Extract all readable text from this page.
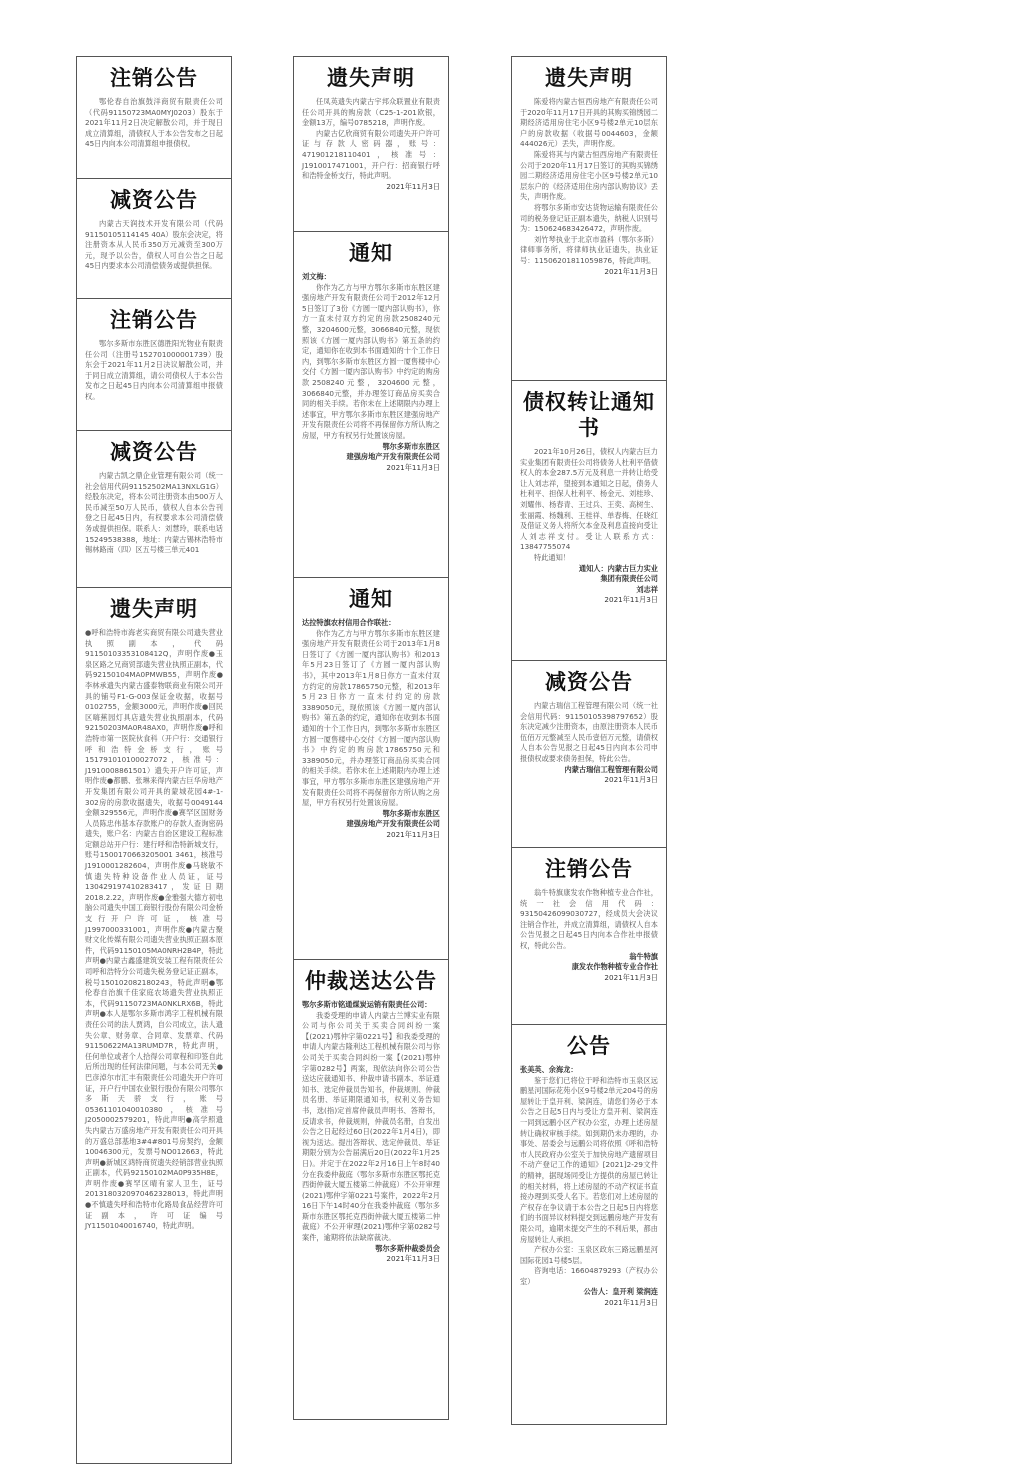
注销公告
鄂伦春自治旗鼓洋商贸有限责任公司（代码91150723MA0MYJ0203）股东于2021年11月2日决定解散公司，并于现日成立清算组，清债权人于本公告发布之日起45日内向本公司清算组申报债权。
减资公告
内蒙古天润技术开发有限公司（代码91150105114145 40A）股东会决定，将注册资本从人民币350万元减资至300万元，现予以公告，债权人可自公告之日起45日内要求本公司清偿债务或提供担保。
注销公告
鄂尔多斯市东胜区德胜阳光物业有限责任公司（注册号152701000001739）股东会于2021年11月2日决议解散公司，并于同日成立清算组，请公司债权人于本公告发布之日起45日内向本公司清算组申报债权。
减资公告
内蒙古凯之鼎企业管理有限公司（统一社会信用代码91152502MA13NXLG1G）经股东决定，将本公司注册资本由500万人民币减至50万人民币，债权人自本公告刊登之日起45日内，有权要求本公司清偿债务或提供担保。联系人：刘慧玲，联系电话15249538388，地址：内蒙古锡林浩特市锡林路南（四）区五号楼三单元401
遗失声明
●呼和浩特市海老实商贸有限公司遗失营业执照副本，代码91150103353108412Q，声明作废●玉泉区路之兄商贸部遗失营业执照正副本，代码92150104MA0PMWB55，声明作废●李林承遗失内蒙古盛泰物联商业有限公司开具的铺号F1-G-003保证金收据，收据号0102755，金额3000元，声明作废●回民区嗨蕉园灯具店遗失营业执照副本，代码92150203MA0R48AX0，声明作废●呼和浩特市第一医院伙食科（开户行：交通银行呼和浩特金桥支行，账号151791010100027072，核准号：J1910008861501）遗失开户许可证，声明作废●都鹏、张琳来得内蒙古巨华房地产开发集团有限公司开具的蒙城花园4#-1-302房的房款收据遗失，收据号0049144金额329556元，声明作废●赛罕区国财务人员陈忠伟基本存款账户的存款人查询密码遗失，账户名：内蒙古自治区建设工程标准定额总站开户行：建行呼和浩特新城支行，账号1500170663205001 3461，核准号J1910001282604，声明作废●马晓敏不慎遗失特种设备作业人员证，证号130429197410283417，发证日期2018.2.22，声明作废●金雅强大德方初电脑公司遗失中国工商银行股份有限公司金桥支行开户许可证，核准号J1997000331001，声明作废●内蒙古聚财文化传媒有限公司遗失营业执照正副本原件，代码91150105MA0NRH2B4P，特此声明●内蒙古鑫盛建筑安装工程有限责任公司呼和浩特分公司遗失税务登记证正副本，税号150102082180243，特此声明●鄂伦春自治旗千佳家庭农场遗失营业执照正本，代码91150723MA0NKLRX6B，特此声明●本人是鄂尔多斯市鸿字工程机械有限责任公司的法人贾鸿，自公司成立，法人遗失公章、财务章、合同章、发票章、代码91150622MA13RUMD7R，特此声明，任何单位或者个人拾得公司章程和印签自此后所出现的任何法律问题，与本公司无关●巴彦淖尔市汇丰有限责任公司遗失开户许可证，开户行中国农业银行股份有限公司鄂尔多斯天骄支行，账号05361101040010380，核准号J2050002579201，特此声明●高学照遗失内蒙古万盛房地产开发有限责任公司开具的万盛总部基地3#4#801号房契约，金额10046300元，发票号NO012663，特此声明●新城区鸿特商贸遗失经销部营业执照正副本，代码92150102MA0P935H8E，声明作废●赛罕区晴有家人卫生，证号2013180320970462328013，特此声明●不慎遗失呼和浩特市化路局食品经营许可证副本，许可证编号JY11501040016740，特此声明。
遗失声明

任凤英遗失内蒙古宇邦众联置业有限责任公司开具的购房款（C25-1-201欧银，金额13万，编号0785218，声明作废。

内蒙古亿欣商贸有限公司遗失开户许可证与存款人密码器，账号：471901218110401，核准号：J1910017471001，开户行：招商银行呼和浩特金桥支行，特此声明。

2021年11月3日
通知
刘文梅：
你作为乙方与甲方鄂尔多斯市东胜区建强房地产开发有限责任公司于2012年12月5日签订了3份《方圆一厦内部认购书》，你方一直未付双方约定的房款2508240元整，3204600元整，3066840元整，现依照该《方圆一厦内部认购书》第五条的约定，通知你在收到本书面通知的十个工作日内，到鄂尔多斯市东胜区方圆一厦售楼中心交付《方圆一厦内部认购书》中约定的购房款2508240元整，3204600元整，3066840元整，并办理签订商品房买卖合同的相关手续。若你未在上述期限内办理上述事宜，甲方鄂尔多斯市东胜区建强房地产开发有限责任公司将不再保留你方所认购之房屋，甲方有权另行处置该房屋。
鄂尔多斯市东胜区
建强房地产开发有限责任公司
2021年11月3日
通知
达拉特旗农村信用合作联社：
你作为乙方与甲方鄂尔多斯市东胜区建强房地产开发有限责任公司于2013年1月8日签订了《方圆一厦内部认购书》和2013年5月23日签订了《方圆一厦内部认购书》，其中2013年1月8日你方一直未付双方约定的房款17865750元整，和2013年5月23日你方一直未付约定的房款3389050元，现依照该《方圆一厦内部认购书》第五条的约定，通知你在收到本书面通知的十个工作日内，到鄂尔多斯市东胜区方圆一厦售楼中心交付《方圆一厦内部认购书》中约定的购房款17865750元和3389050元，并办理签订商品房买卖合同的相关手续。若你未在上述期限内办理上述事宜，甲方鄂尔多斯市东胜区建强房地产开发有限责任公司将不再保留你方所认购之房屋，甲方有权另行处置该房屋。
鄂尔多斯市东胜区
建强房地产开发有限责任公司
2021年11月3日
仲裁送达公告
鄂尔多斯市铭通煤炭运销有限责任公司：
我委受理的申请人内蒙古兰博实业有限公司与你公司关于买卖合同纠纷一案【(2021)鄂仲字第0221号】和我委受理的申请人内蒙古隆利达工程机械有限公司与你公司关于买卖合同纠纷一案【(2021)鄂仲字第0282号】两案，现依法向你公司公告送达应裁通知书、仲裁申请书副本、举证通知书、选定仲裁员告知书，仲裁规则、仲裁员名册、举证期限通知书，权利义务告知书，选(指)定首席仲裁员声明书、答辩书，反请求书，仲裁规则，仲裁员名册，自发出公告之日起经过60日(2022年1月4日)，即视为送达。提出答辩状、选定仲裁员、举证期限分别为公告届满后20日(2022年1月25日)。并定于在2022年2月16日上午8时40分在我委仲裁庭（鄂尔多斯市东胜区鄂托克西街仲裁大厦五楼第二仲裁庭）不公开审理(2021)鄂仲字第0221号案件，2022年2月16日下午14时40分在我委仲裁庭（鄂尔多斯市东胜区鄂托克西街仲裁大厦五楼第二仲裁庭）不公开审理(2021)鄂仲字第0282号案件，逾期将依法缺席裁决。
鄂尔多斯仲裁委员会
2021年11月3日
遗失声明

陈爱将内蒙古恒西房地产有限责任公司于2020年11月17日开具的其购买锦绣园二期经济适用房住宅小区9号楼2单元10层东户的房款收据（收据号0044603，金额444026元）丢失，声明作废。

陈爱将其与内蒙古恒西房地产有限责任公司于2020年11月17日签订的其购买锦绣园二期经济适用房住宅小区9号楼2单元10层东户的《经济适用住房内部认购协议》丢失，声明作废。

将鄂尔多斯市安达货物运输有限责任公司的税务登记证正副本遗失，纳税人识别号为：150624683426472，声明作废。

刘竹琴执业于北京市盈科（鄂尔多斯）律师事务所，将律师执业证遗失，执业证号：11506201811059876，特此声明。

2021年11月3日
债权转让通知书
2021年10月26日，债权人内蒙古巨力实业集团有限责任公司将债务人杜利平借债权人的本金287.5万元及利息一并转让给受让人刘志祥，望接到本通知之日起，债务人杜利平、担保人杜利平、杨金元、刘桂珍、刘耀伟、杨春青、王过兵、王奕、高树生、张丽霞、杨魏利、王桂祥、单春梅、任晓红及借证义务人将所欠本金及利息直接向受让人刘志祥支付。受让人联系方式：13847755074
特此通知！
通知人：内蒙古巨力实业
集团有限责任公司
刘志祥
2021年11月3日
减资公告
内蒙古瑞信工程管理有限公司（统一社会信用代码：91150105398797652）股东决定减少注册资本，由原注册资本人民币伍佰万元整减至人民币壹佰万元整，请债权人自本公告见报之日起45日内向本公司申报债权或要求债务担保，特此公告。
内蒙古瑞信工程管理有限公司
2021年11月3日
注销公告
翁牛特旗康发农作物种植专业合作社，统一社会信用代码：93150426099030727，经成员大会决议注销合作社，并成立清算组，请债权人自本公告见报之日起45日内向本合作社申报债权，特此公告。
翁牛特旗
康发农作物种植专业合作社
2021年11月3日
公告
张美英、余海龙：

鉴于您们已将位于呼和浩特市玉泉区远鹏星河国际花苑小区9号楼2单元204号的房屋转让于皇开利、梁润连，请您们务必于本公告之日起5日内与受让方皇开利、梁润连一同到远鹏小区产权办公室，办理上述房屋转让确权审核手续。如到期仍未办理的，办事处、居委会与远鹏公司将依照《呼和浩特市人民政府办公室关于加快房地产遗留项目不动产登记工作的通知》[2021]2-29文件的精神，据现场同受让方提供的房屋已转让的相关材料，将上述房屋的不动产权证书直接办理到买受人名下。若您们对上述房屋的产权存在争议请于本公告之日起5日内将您们的书面异议材料提交到远鹏房地产开发有限公司，逾期未提交产生的不利后果，都由房屋转让人承担。

产权办公室：玉泉区政东三路远鹏星河国际花园1号楼5层。

咨询电话：16604879293（产权办公室）

公告人：皇开利 梁润连
2021年11月3日
